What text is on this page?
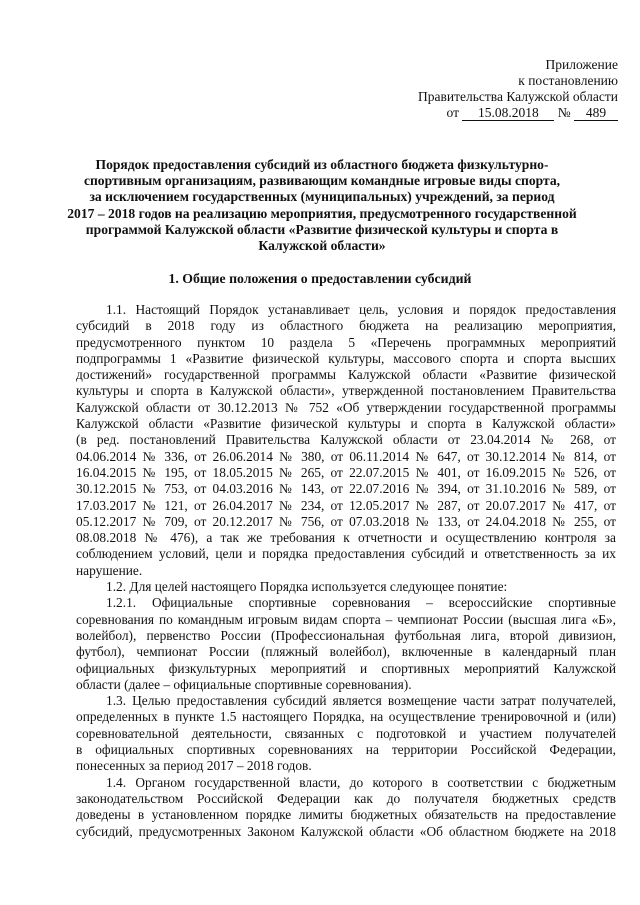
Приложение
к постановлению
Правительства Калужской области
от 15.08.2018 № 489
Порядок предоставления субсидий из областного бюджета физкультурно-
спортивным организациям, развивающим командные игровые виды спорта,
за исключением государственных (муниципальных) учреждений, за период
2017 – 2018 годов на реализацию мероприятия, предусмотренного государственной
программой Калужской области «Развитие физической культуры и спорта в
Калужской области»
1. Общие положения о предоставлении субсидий
1.1. Настоящий Порядок устанавливает цель, условия и порядок предоставления
субсидий в 2018 году из областного бюджета на реализацию мероприятия,
предусмотренного пунктом 10 раздела 5 «Перечень программных мероприятий
подпрограммы 1 «Развитие физической культуры, массового спорта и спорта высших
достижений» государственной программы Калужской области «Развитие физической
культуры и спорта в Калужской области», утвержденной постановлением Правительства
Калужской области от 30.12.2013 № 752 «Об утверждении государственной программы
Калужской области «Развитие физической культуры и спорта в Калужской области»
(в ред. постановлений Правительства Калужской области от 23.04.2014 № 268, от
04.06.2014 № 336, от 26.06.2014 № 380, от 06.11.2014 № 647, от 30.12.2014 № 814, от
16.04.2015 № 195, от 18.05.2015 № 265, от 22.07.2015 № 401, от 16.09.2015 № 526, от
30.12.2015 № 753, от 04.03.2016 № 143, от 22.07.2016 № 394, от 31.10.2016 № 589, от
17.03.2017 № 121, от 26.04.2017 № 234, от 12.05.2017 № 287, от 20.07.2017 № 417, от
05.12.2017 № 709, от 20.12.2017 № 756, от 07.03.2018 № 133, от 24.04.2018 № 255, от
08.08.2018 № 476), а так же требования к отчетности и осуществлению контроля за
соблюдением условий, цели и порядка предоставления субсидий и ответственность за их
нарушение.
1.2. Для целей настоящего Порядка используется следующее понятие:
1.2.1. Официальные спортивные соревнования – всероссийские спортивные
соревнования по командным игровым видам спорта – чемпионат России (высшая лига «Б»,
волейбол), первенство России (Профессиональная футбольная лига, второй дивизион,
футбол), чемпионат России (пляжный волейбол), включенные в календарный план
официальных физкультурных мероприятий и спортивных мероприятий Калужской
области (далее – официальные спортивные соревнования).
1.3. Целью предоставления субсидий является возмещение части затрат получателей,
определенных в пункте 1.5 настоящего Порядка, на осуществление тренировочной и (или)
соревновательной деятельности, связанных с подготовкой и участием получателей
в официальных спортивных соревнованиях на территории Российской Федерации,
понесенных за период 2017 – 2018 годов.
1.4. Органом государственной власти, до которого в соответствии с бюджетным
законодательством Российской Федерации как до получателя бюджетных средств
доведены в установленном порядке лимиты бюджетных обязательств на предоставление
субсидий, предусмотренных Законом Калужской области «Об областном бюджете на 2018
